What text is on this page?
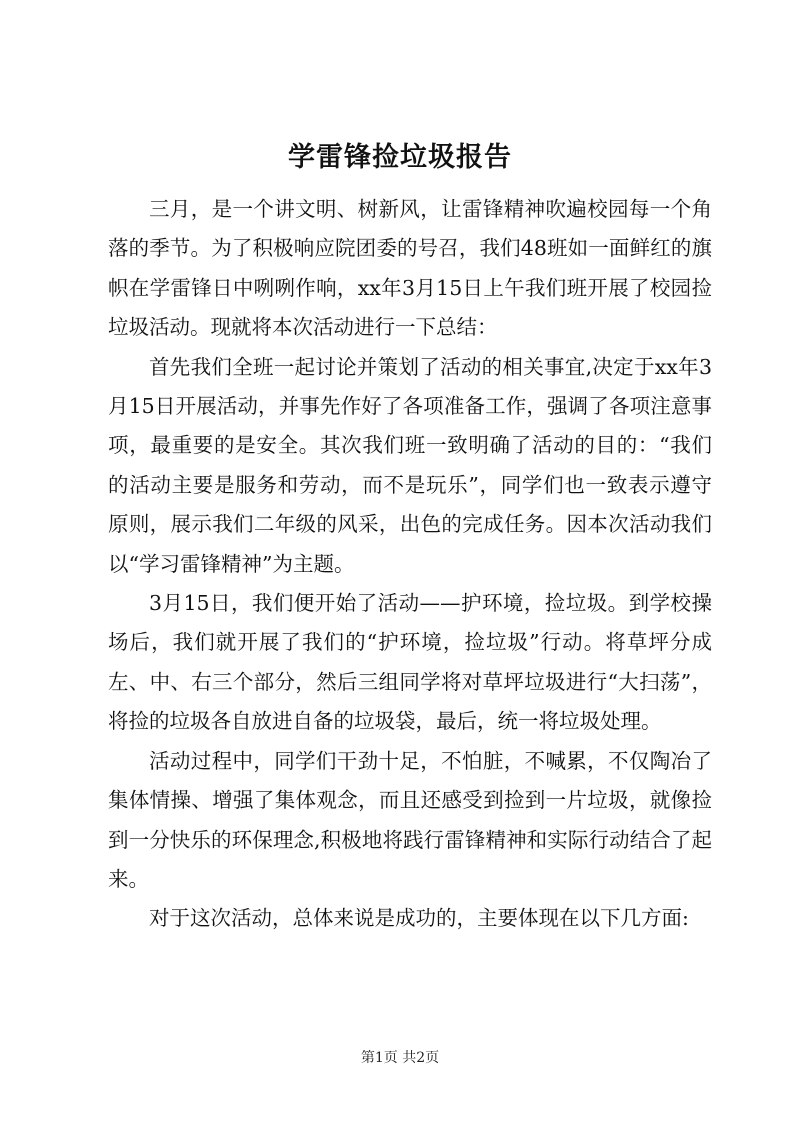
学雷锋捡垃圾报告

三月，是一个讲文明、树新风，让雷锋精神吹遍校园每一个角落的季节。为了积极响应院团委的号召，我们48班如一面鲜红的旗帜在学雷锋日中咧咧作响，xx年3月15日上午我们班开展了校园捡垃圾活动。现就将本次活动进行一下总结：

首先我们全班一起讨论并策划了活动的相关事宜,决定于xx年3月15日开展活动，并事先作好了各项准备工作，强调了各项注意事项，最重要的是安全。其次我们班一致明确了活动的目的：“我们的活动主要是服务和劳动，而不是玩乐”，同学们也一致表示遵守原则，展示我们二年级的风采，出色的完成任务。因本次活动我们以“学习雷锋精神”为主题。

3月15日，我们便开始了活动——护环境，捡垃圾。到学校操场后，我们就开展了我们的“护环境，捡垃圾”行动。将草坪分成左、中、右三个部分，然后三组同学将对草坪垃圾进行“大扫荡”，将捡的垃圾各自放进自备的垃圾袋，最后，统一将垃圾处理。

活动过程中，同学们干劲十足，不怕脏，不喊累，不仅陶冶了集体情操、增强了集体观念，而且还感受到捡到一片垃圾，就像捡到一分快乐的环保理念,积极地将践行雷锋精神和实际行动结合了起来。

对于这次活动，总体来说是成功的，主要体现在以下几方面:

第1页 共2页
